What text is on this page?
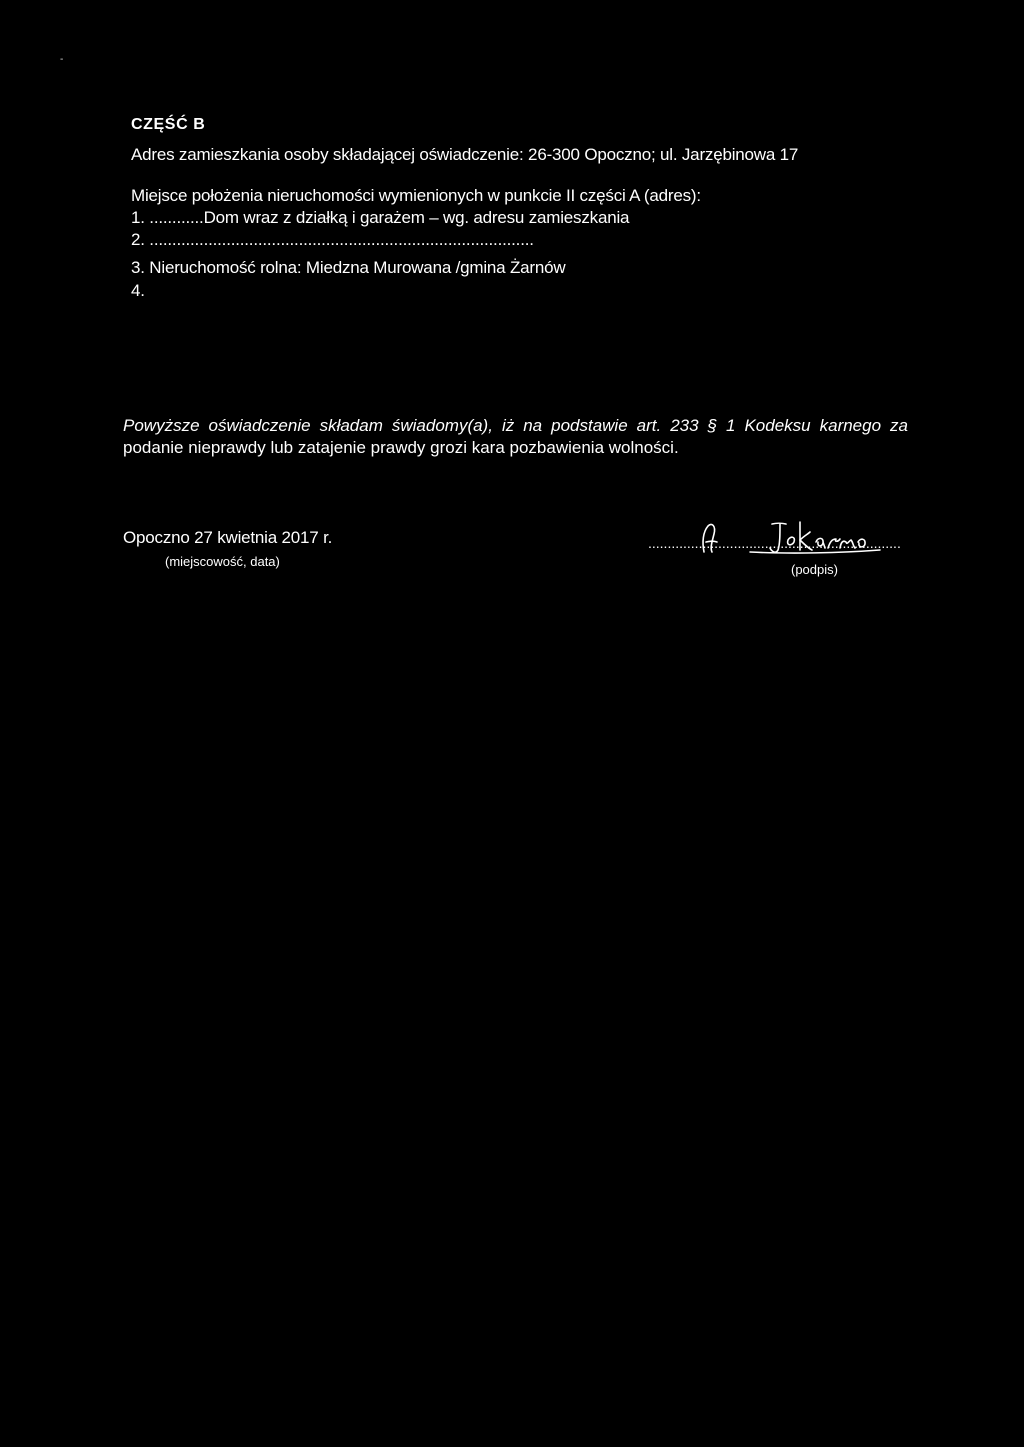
-
CZĘŚĆ B
Adres zamieszkania osoby składającej oświadczenie: 26-300 Opoczno; ul. Jarzębinowa 17
Miejsce położenia nieruchomości wymienionych w punkcie II części A (adres):
1. ............Dom wraz z działką i garażem – wg. adresu zamieszkania
2. .....................................................................................
3. Nieruchomość rolna: Miedzna Murowana /gmina Żarnów
4.
Powyższe oświadczenie składam świadomy(a), iż na podstawie art. 233 § 1 Kodeksu karnego za
podanie nieprawdy lub zatajenie prawdy grozi kara pozbawienia wolności.
Opoczno 27 kwietnia 2017 r.
(miejscowość, data)
.................................................................
(podpis)
